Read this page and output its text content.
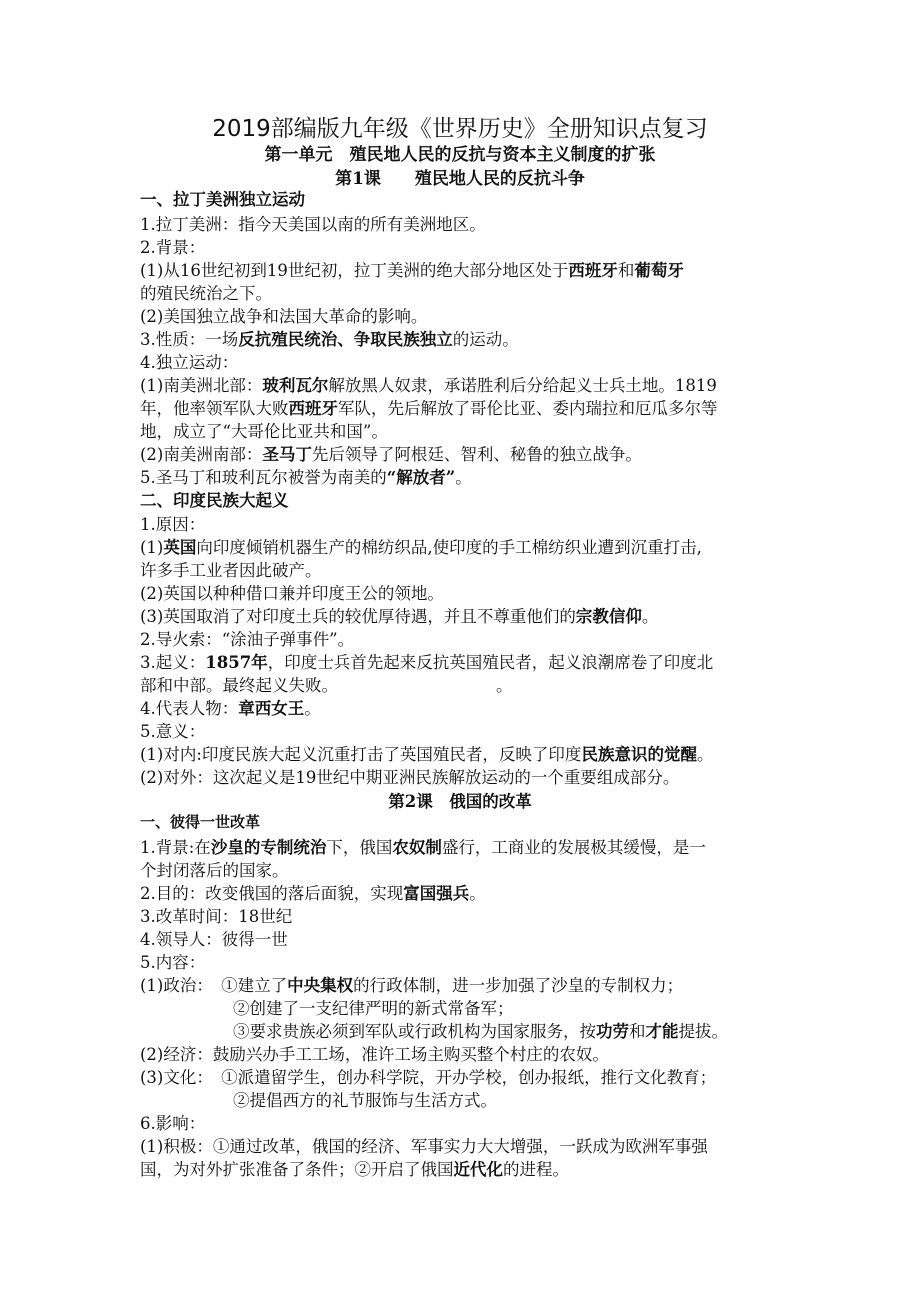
2019部编版九年级《世界历史》全册知识点复习
第一单元　殖民地人民的反抗与资本主义制度的扩张
第1课　　殖民地人民的反抗斗争
一、拉丁美洲独立运动
1.拉丁美洲：指今天美国以南的所有美洲地区。
2.背景：
(1)从16世纪初到19世纪初，拉丁美洲的绝大部分地区处于西班牙和葡萄牙
的殖民统治之下。
(2)美国独立战争和法国大革命的影响。
3.性质：一场反抗殖民统治、争取民族独立的运动。
4.独立运动：
(1)南美洲北部：玻利瓦尔解放黑人奴隶，承诺胜利后分给起义士兵土地。1819
年，他率领军队大败西班牙军队，先后解放了哥伦比亚、委内瑞拉和厄瓜多尔等
地，成立了“大哥伦比亚共和国”。
(2)南美洲南部：圣马丁先后领导了阿根廷、智利、秘鲁的独立战争。
5.圣马丁和玻利瓦尔被誉为南美的“解放者”。
二、印度民族大起义
1.原因：
(1)英国向印度倾销机器生产的棉纺织品,使印度的手工棉纺织业遭到沉重打击,
许多手工业者因此破产。
(2)英国以种种借口兼并印度王公的领地。
(3)英国取消了对印度土兵的较优厚待遇，并且不尊重他们的宗教信仰。
2.导火索：“涂油子弹事件”。
3.起义：1857年，印度士兵首先起来反抗英国殖民者，起义浪潮席卷了印度北
部和中部。最终起义失败。	。
4.代表人物：章西女王。
5.意义：
(1)对内:印度民族大起义沉重打击了英国殖民者，反映了印度民族意识的觉醒。
(2)对外：这次起义是19世纪中期亚洲民族解放运动的一个重要组成部分。
第2课　俄国的改革
一、彼得一世改革
1.背景:在沙皇的专制统治下，俄国农奴制盛行，工商业的发展极其缓慢，是一
个封闭落后的国家。
2.目的：改变俄国的落后面貌，实现富国强兵。
3.改革时间：18世纪
4.领导人：彼得一世
5.内容：
(1)政治：　①建立了中央集权的行政体制，进一步加强了沙皇的专制权力；
②创建了一支纪律严明的新式常备军；
③要求贵族必须到军队或行政机构为国家服务，按功劳和才能提拔。
(2)经济：鼓励兴办手工工场，准许工场主购买整个村庄的农奴。
(3)文化：　①派遣留学生，创办科学院，开办学校，创办报纸，推行文化教育；
②提倡西方的礼节服饰与生活方式。
6.影响：
(1)积极：①通过改革，俄国的经济、军事实力大大增强，一跃成为欧洲军事强
国，为对外扩张准备了条件；②开启了俄国近代化的进程。
